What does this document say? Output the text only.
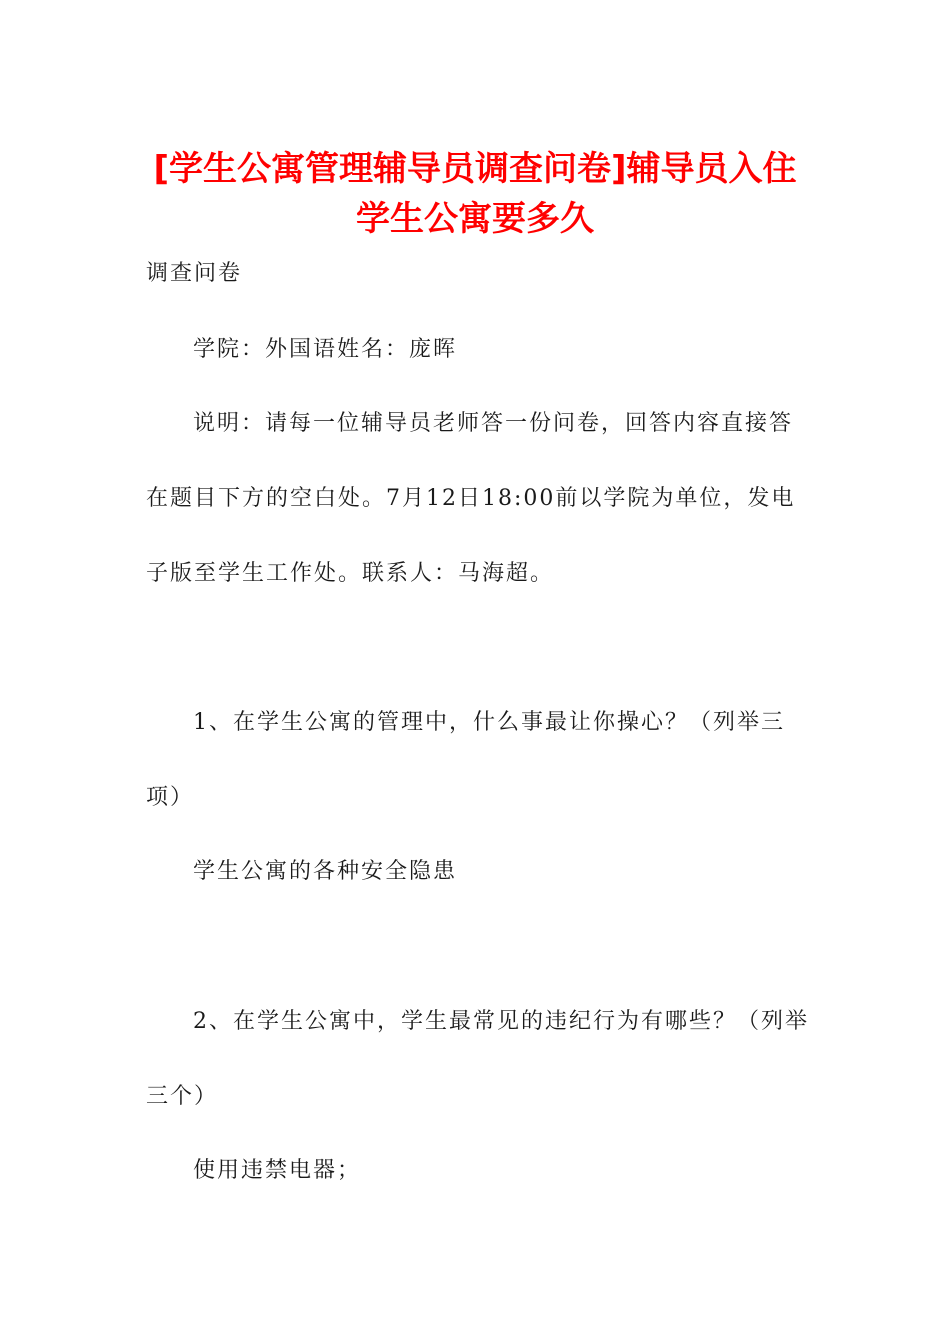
[学生公寓管理辅导员调查问卷]辅导员入住
学生公寓要多久
调查问卷
学院：外国语姓名：庞晖
说明：请每一位辅导员老师答一份问卷，回答内容直接答
在题目下方的空白处。7月12日18:00前以学院为单位，发电
子版至学生工作处。联系人：马海超。
1、在学生公寓的管理中，什么事最让你操心？（列举三
项）
学生公寓的各种安全隐患
2、在学生公寓中，学生最常见的违纪行为有哪些？（列举
三个）
使用违禁电器；
